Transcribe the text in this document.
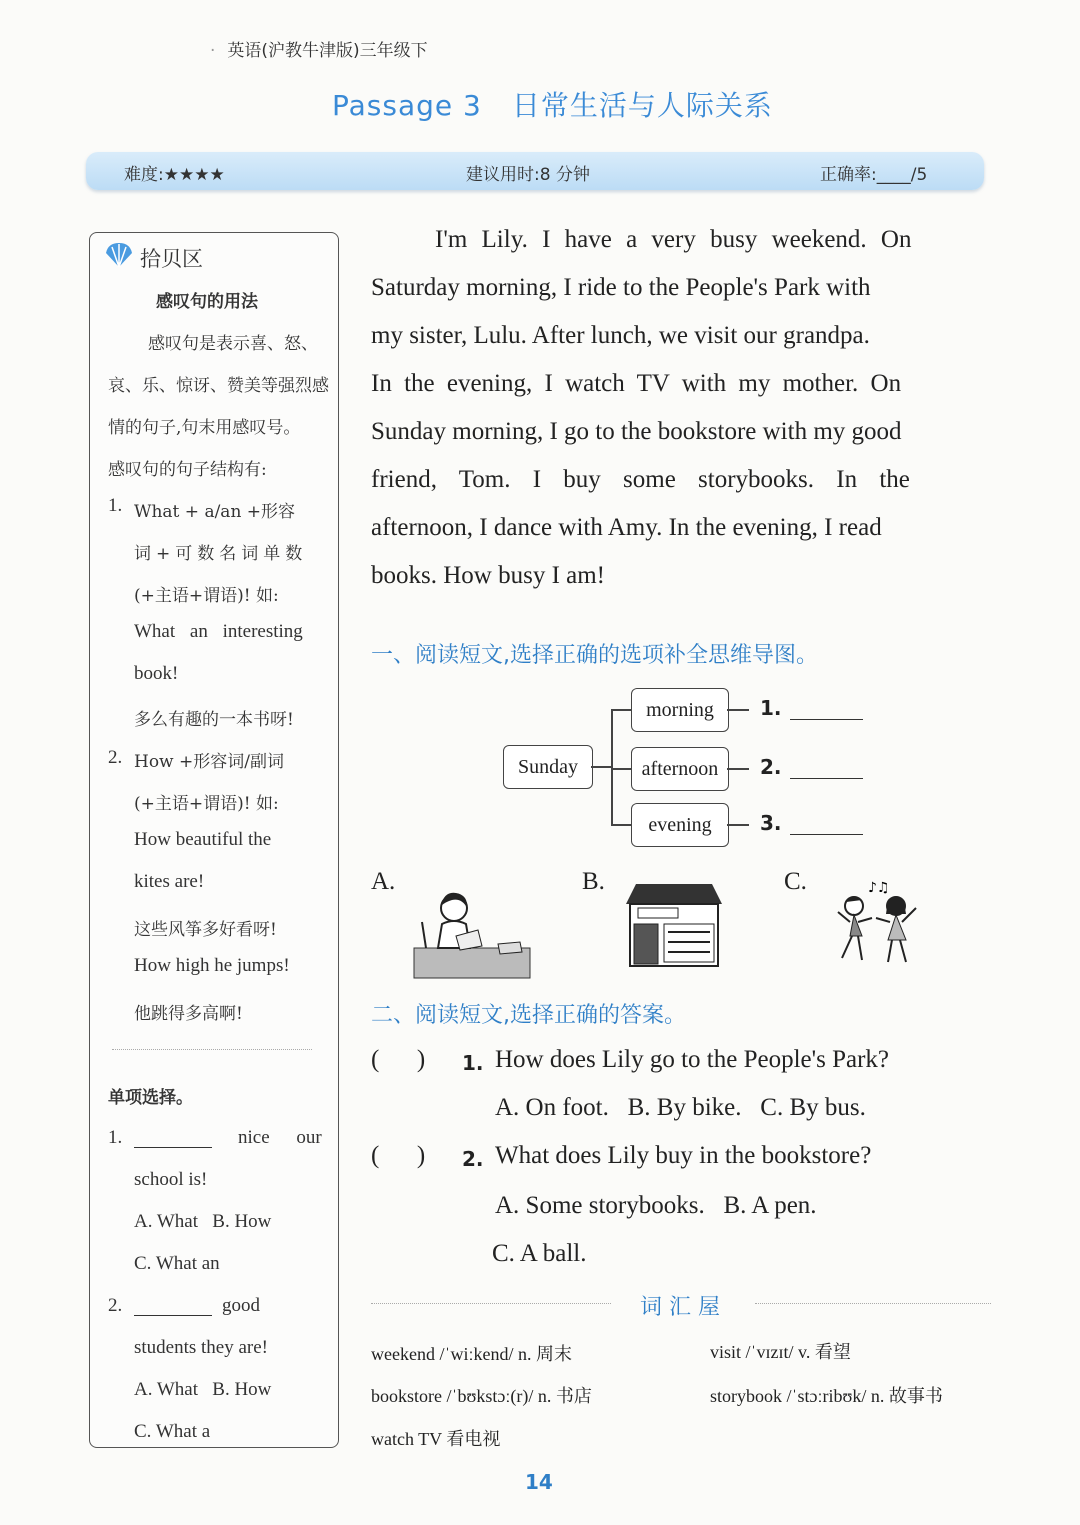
· 英语(沪教牛津版)三年级下
Passage 3 日常生活与人际关系
难度:★★★★	建议用时:8 分钟	正确率:____/5
拾贝区
感叹句的用法
感叹句是表示喜、怒、
哀、乐、惊讶、赞美等强烈感
情的句子,句末用感叹号。
感叹句的句子结构有:
1. What + a/an +形容
词+可数名词单数
(+主语+谓语)! 如:
What an interesting
book!
多么有趣的一本书呀!
2. How +形容词/副词
(+主语+谓语)! 如:
How beautiful the
kites are!
这些风筝多好看呀!
How high he jumps!
他跳得多高啊!
单项选择。
1.	nice our
school is!
A. What   B. How
C. What an
2.	good
students they are!
A. What   B. How
C. What a
I'm Lily. I have a very busy weekend. On
Saturday morning, I ride to the People's Park with
my sister, Lulu. After lunch, we visit our grandpa.
In the evening, I watch TV with my mother. On
Sunday morning, I go to the bookstore with my good
friend, Tom. I buy some storybooks. In the
afternoon, I dance with Amy. In the evening, I read
books. How busy I am!
一、阅读短文,选择正确的选项补全思维导图。
Sunday
morning
afternoon
evening
1.
2.
3.
A.	B.	C.	♪♫
二、阅读短文,选择正确的答案。
(      ) 1. How does Lily go to the People's Park?
A. On foot.   B. By bike.   C. By bus.
(      ) 2. What does Lily buy in the bookstore?
A. Some storybooks.   B. A pen.
C. A ball.
词 汇 屋
weekend /ˈwiːkend/ n. 周末	visit /ˈvɪzɪt/ v. 看望
bookstore /ˈbʊkstɔː(r)/ n. 书店	storybook /ˈstɔːribʊk/ n. 故事书
watch TV 看电视
14
